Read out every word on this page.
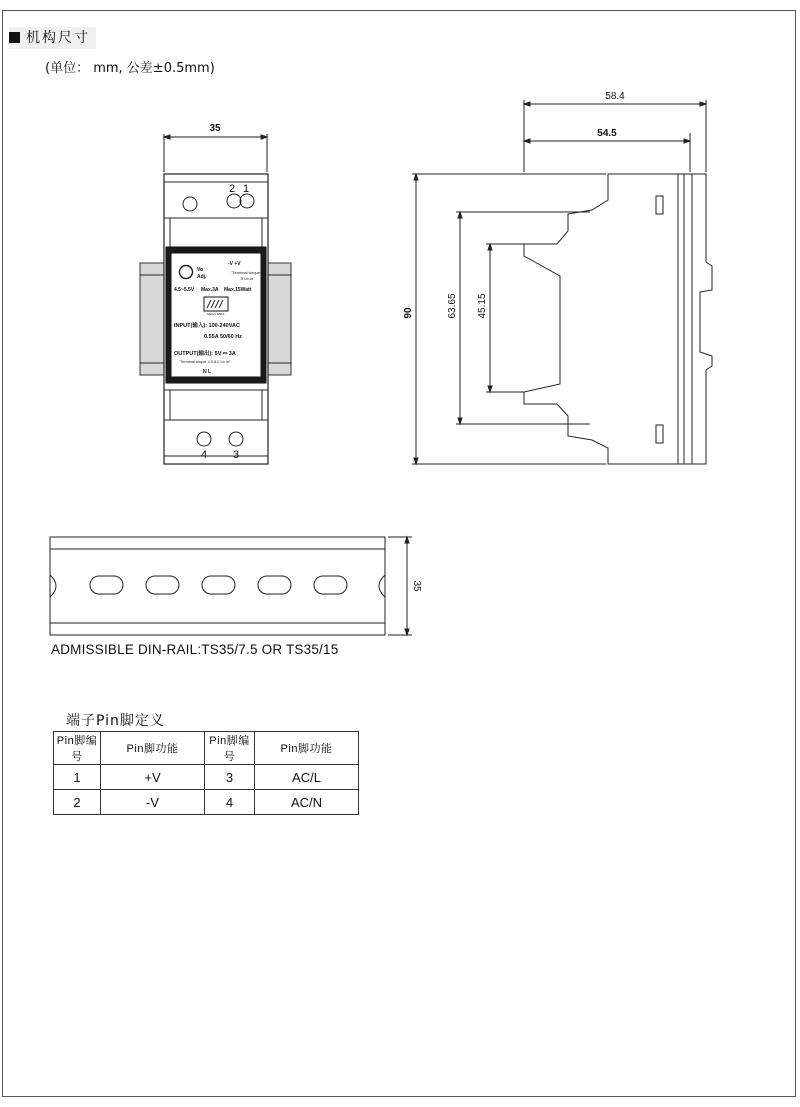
机构尺寸
(单位： mm, 公差±0.5mm)
35
2 1
4 3
Vo
Adj.
-V +V
"Terminal torque
5 Lb-in"
4.5~5.5V Max.3A Max.15Watt
MEAN WELL
INPUT(输入): 100-240VAC
0.55A 50/60 Hz
OUTPUT(输出): 5V ⎓ 3A
"Terminal torque 4.5-6.0 Lb-in"
N L
58.4
54.5
90	63.65 45.15
35
ADMISSIBLE DIN-RAIL:TS35/7.5 OR TS35/15
端子Pin脚定义
Pin脚编号	Pin脚功能	Pin脚编号	Pin脚功能
1	+V	3	AC/L
2	-V	4	AC/N
